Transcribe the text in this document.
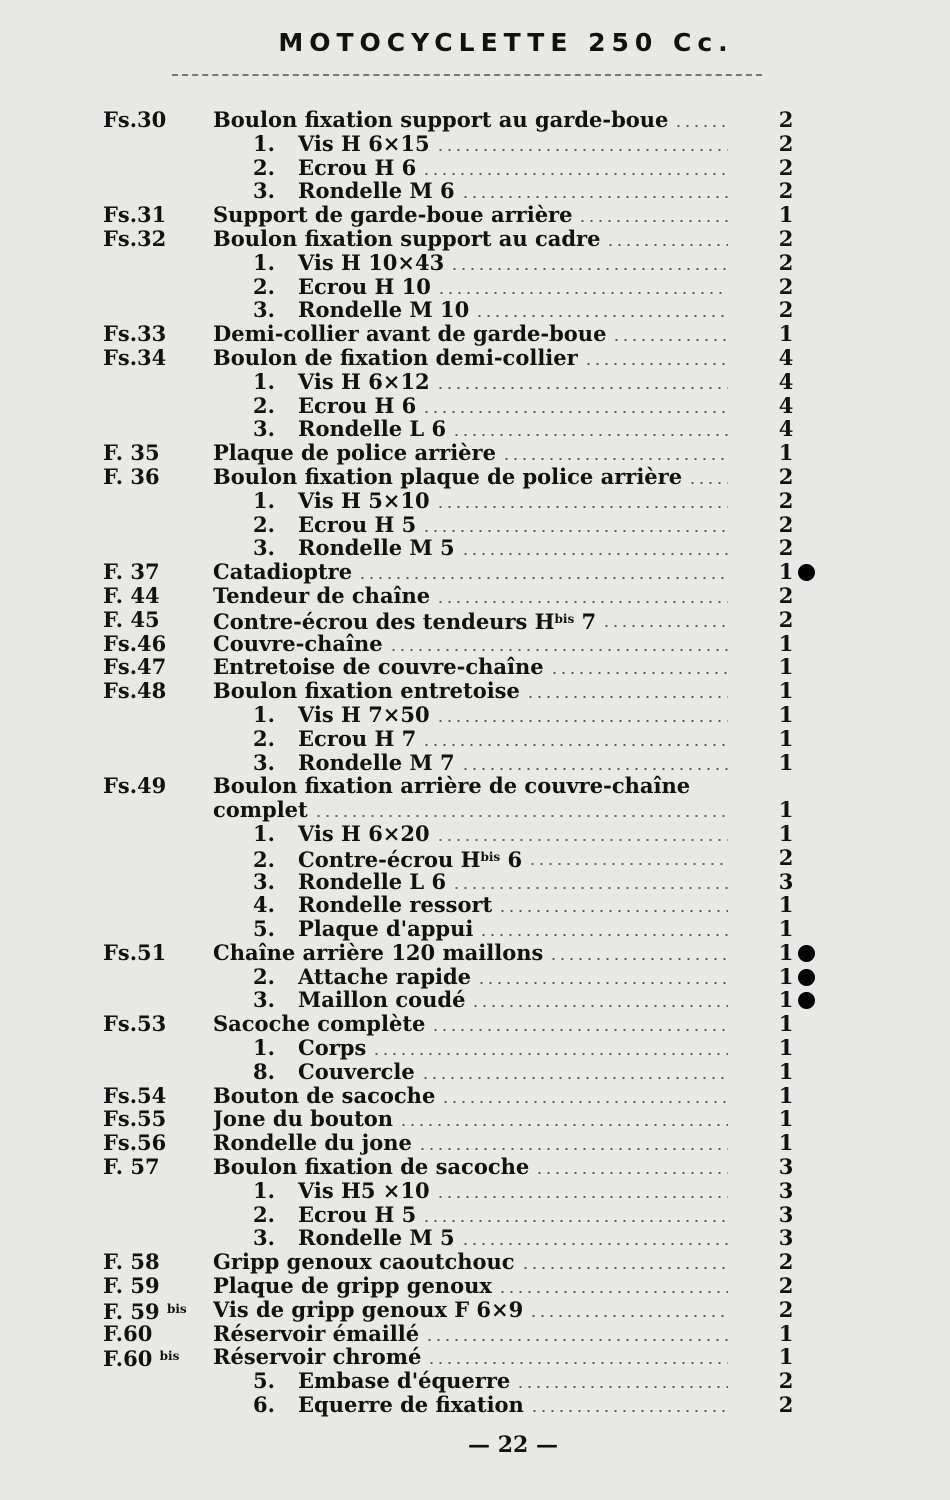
MOTOCYCLETTE 250 Cc.
Fs.30	Boulon fixation support au garde-boue	2
1.	Vis H 6×15	2
2.	Ecrou H 6	2
3.	Rondelle M 6	2
Fs.31	Support de garde-boue arrière	1
Fs.32	Boulon fixation support au cadre	2
1.	Vis H 10×43	2
2.	Ecrou H 10	2
3.	Rondelle M 10	2
Fs.33	Demi-collier avant de garde-boue	1
Fs.34	Boulon de fixation demi-collier	4
1.	Vis H 6×12	4
2.	Ecrou H 6	4
3.	Rondelle L 6	4
F. 35	Plaque de police arrière	1
F. 36	Boulon fixation plaque de police arrière	2
1.	Vis H 5×10	2
2.	Ecrou H 5	2
3.	Rondelle M 5	2
F. 37	Catadioptre	1
F. 44	Tendeur de chaîne	2
F. 45	Contre-écrou des tendeurs $H^{bis}$ 7	2
Fs.46	Couvre-chaîne	1
Fs.47	Entretoise de couvre-chaîne	1
Fs.48	Boulon fixation entretoise	1
1.	Vis H 7×50	1
2.	Ecrou H 7	1
3.	Rondelle M 7	1
Fs.49	Boulon fixation arrière de couvre-chaîne
complet	1
1.	Vis H 6×20	1
2.	Contre-écrou $H^{bis}$ 6	2
3.	Rondelle L 6	3
4.	Rondelle ressort	1
5.	Plaque d'appui	1
Fs.51	Chaîne arrière 120 maillons	1
2.	Attache rapide	1
3.	Maillon coudé	1
Fs.53	Sacoche complète	1
1.	Corps	1
8.	Couvercle	1
Fs.54	Bouton de sacoche	1
Fs.55	Jone du bouton	1
Fs.56	Rondelle du jone	1
F. 57	Boulon fixation de sacoche	3
1.	Vis H5 ×10	3
2.	Ecrou H 5	3
3.	Rondelle M 5	3
F. 58	Gripp genoux caoutchouc	2
F. 59	Plaque de gripp genoux	2
F. 59 $^{bis}$	Vis de gripp genoux F 6×9	2
F.60	Réservoir émaillé	1
F.60 $^{bis}$	Réservoir chromé	1
5.	Embase d'équerre	2
6.	Equerre de fixation	2
— 22 —
